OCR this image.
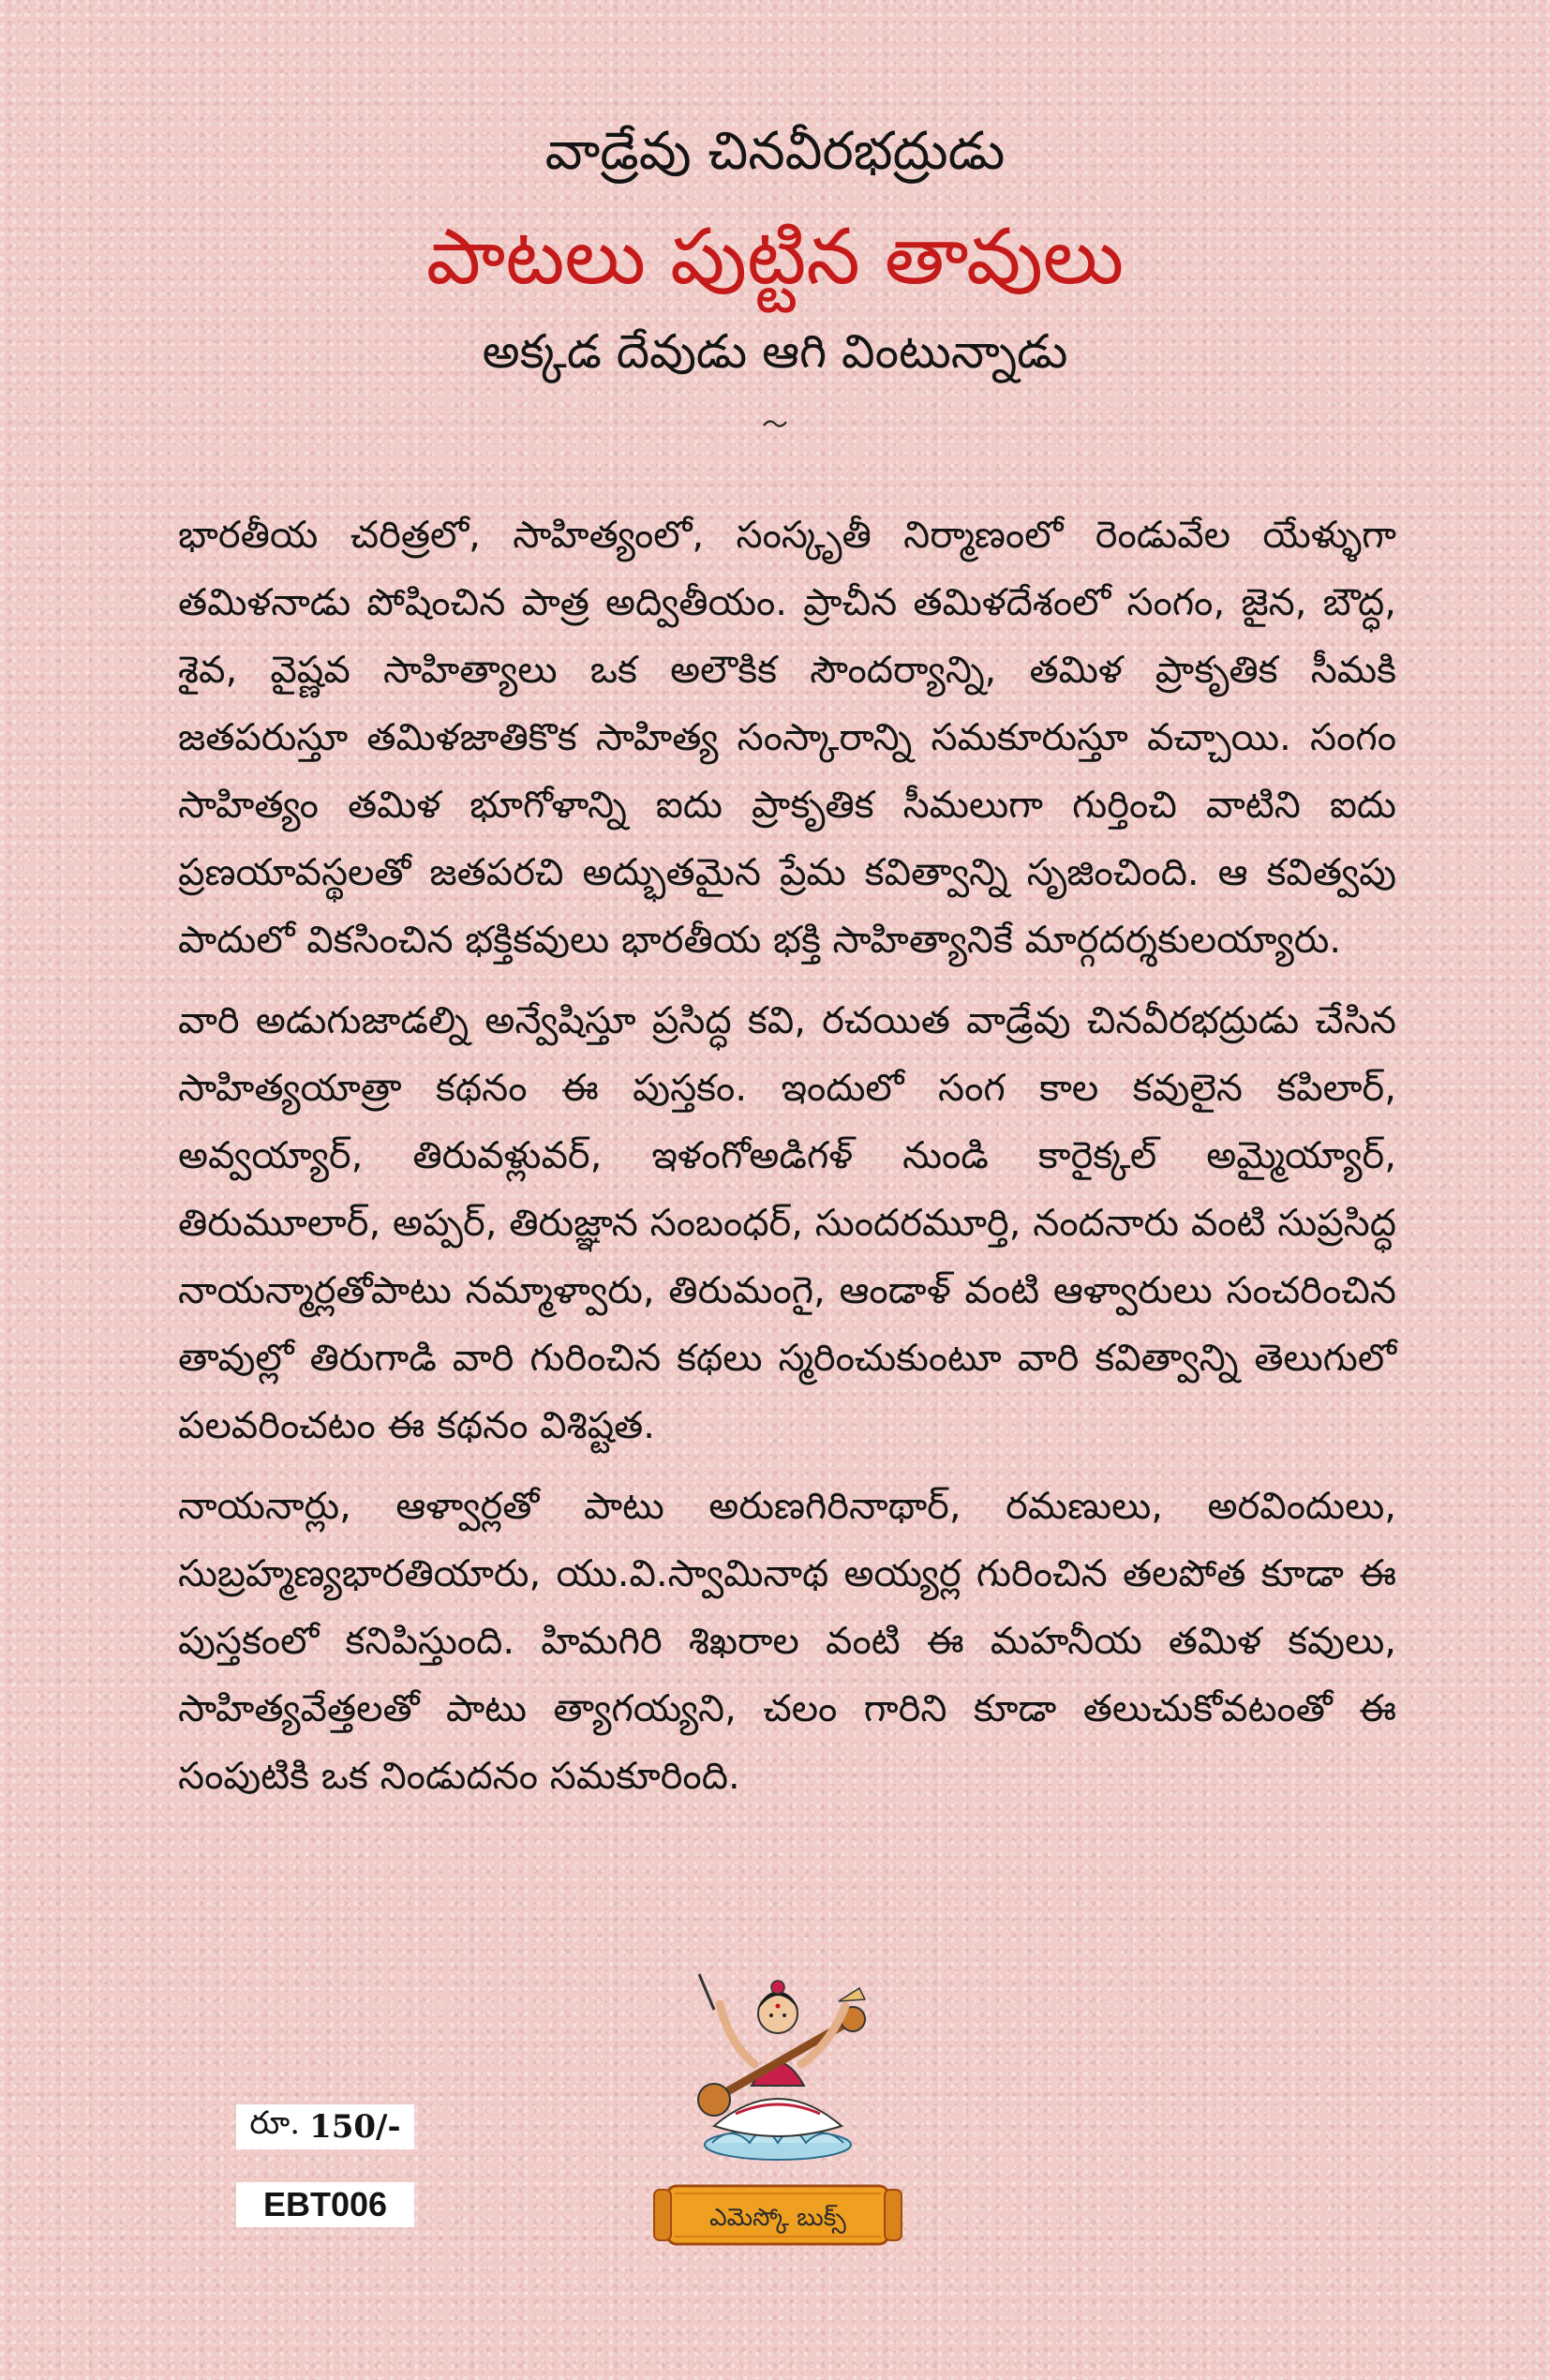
వాడ్రేవు చినవీరభద్రుడు
పాటలు పుట్టిన తావులు
అక్కడ దేవుడు ఆగి వింటున్నాడు

భారతీయ చరిత్రలో, సాహిత్యంలో, సంస్కృతీ నిర్మాణంలో రెండువేల యేళ్ళుగా తమిళనాడు పోషించిన పాత్ర అద్వితీయం. ప్రాచీన తమిళదేశంలో సంగం, జైన, బౌద్ధ, శైవ, వైష్ణవ సాహిత్యాలు ఒక అలౌకిక సౌందర్యాన్ని, తమిళ ప్రాకృతిక సీమకి జతపరుస్తూ తమిళజాతికొక సాహిత్య సంస్కారాన్ని సమకూరుస్తూ వచ్చాయి. సంగం సాహిత్యం తమిళ భూగోళాన్ని ఐదు ప్రాకృతిక సీమలుగా గుర్తించి వాటిని ఐదు ప్రణయావస్థలతో జతపరచి అద్భుతమైన ప్రేమ కవిత్వాన్ని సృజించింది. ఆ కవిత్వపు పాదులో వికసించిన భక్తికవులు భారతీయ భక్తి సాహిత్యానికే మార్గదర్శకులయ్యారు.

వారి అడుగుజాడల్ని అన్వేషిస్తూ ప్రసిద్ధ కవి, రచయిత వాడ్రేవు చినవీరభద్రుడు చేసిన సాహిత్యయాత్రా కథనం ఈ పుస్తకం. ఇందులో సంగ కాల కవులైన కపిలార్, అవ్వయ్యార్, తిరువళ్లువర్, ఇళంగోఅడిగళ్ నుండి కారైక్కల్ అమ్మైయ్యార్, తిరుమూలార్, అప్పర్, తిరుజ్ఞాన సంబంధర్, సుందరమూర్తి, నందనారు వంటి సుప్రసిద్ధ నాయన్మార్లతోపాటు నమ్మాళ్వారు, తిరుమంగై, ఆండాళ్ వంటి ఆళ్వారులు సంచరించిన తావుల్లో తిరుగాడి వారి గురించిన కథలు స్మరించుకుంటూ వారి కవిత్వాన్ని తెలుగులో పలవరించటం ఈ కథనం విశిష్టత.

నాయనార్లు, ఆళ్వార్లతో పాటు అరుణగిరినాథార్, రమణులు, అరవిందులు, సుబ్రహ్మణ్యభారతియారు, యు.వి.స్వామినాథ అయ్యర్ల గురించిన తలపోత కూడా ఈ పుస్తకంలో కనిపిస్తుంది. హిమగిరి శిఖరాల వంటి ఈ మహనీయ తమిళ కవులు, సాహిత్యవేత్తలతో పాటు త్యాగయ్యని, చలం గారిని కూడా తలుచుకోవటంతో ఈ సంపుటికి ఒక నిండుదనం సమకూరింది.

ఎమెస్కో బుక్స్
రూ. 150/-
EBT006
